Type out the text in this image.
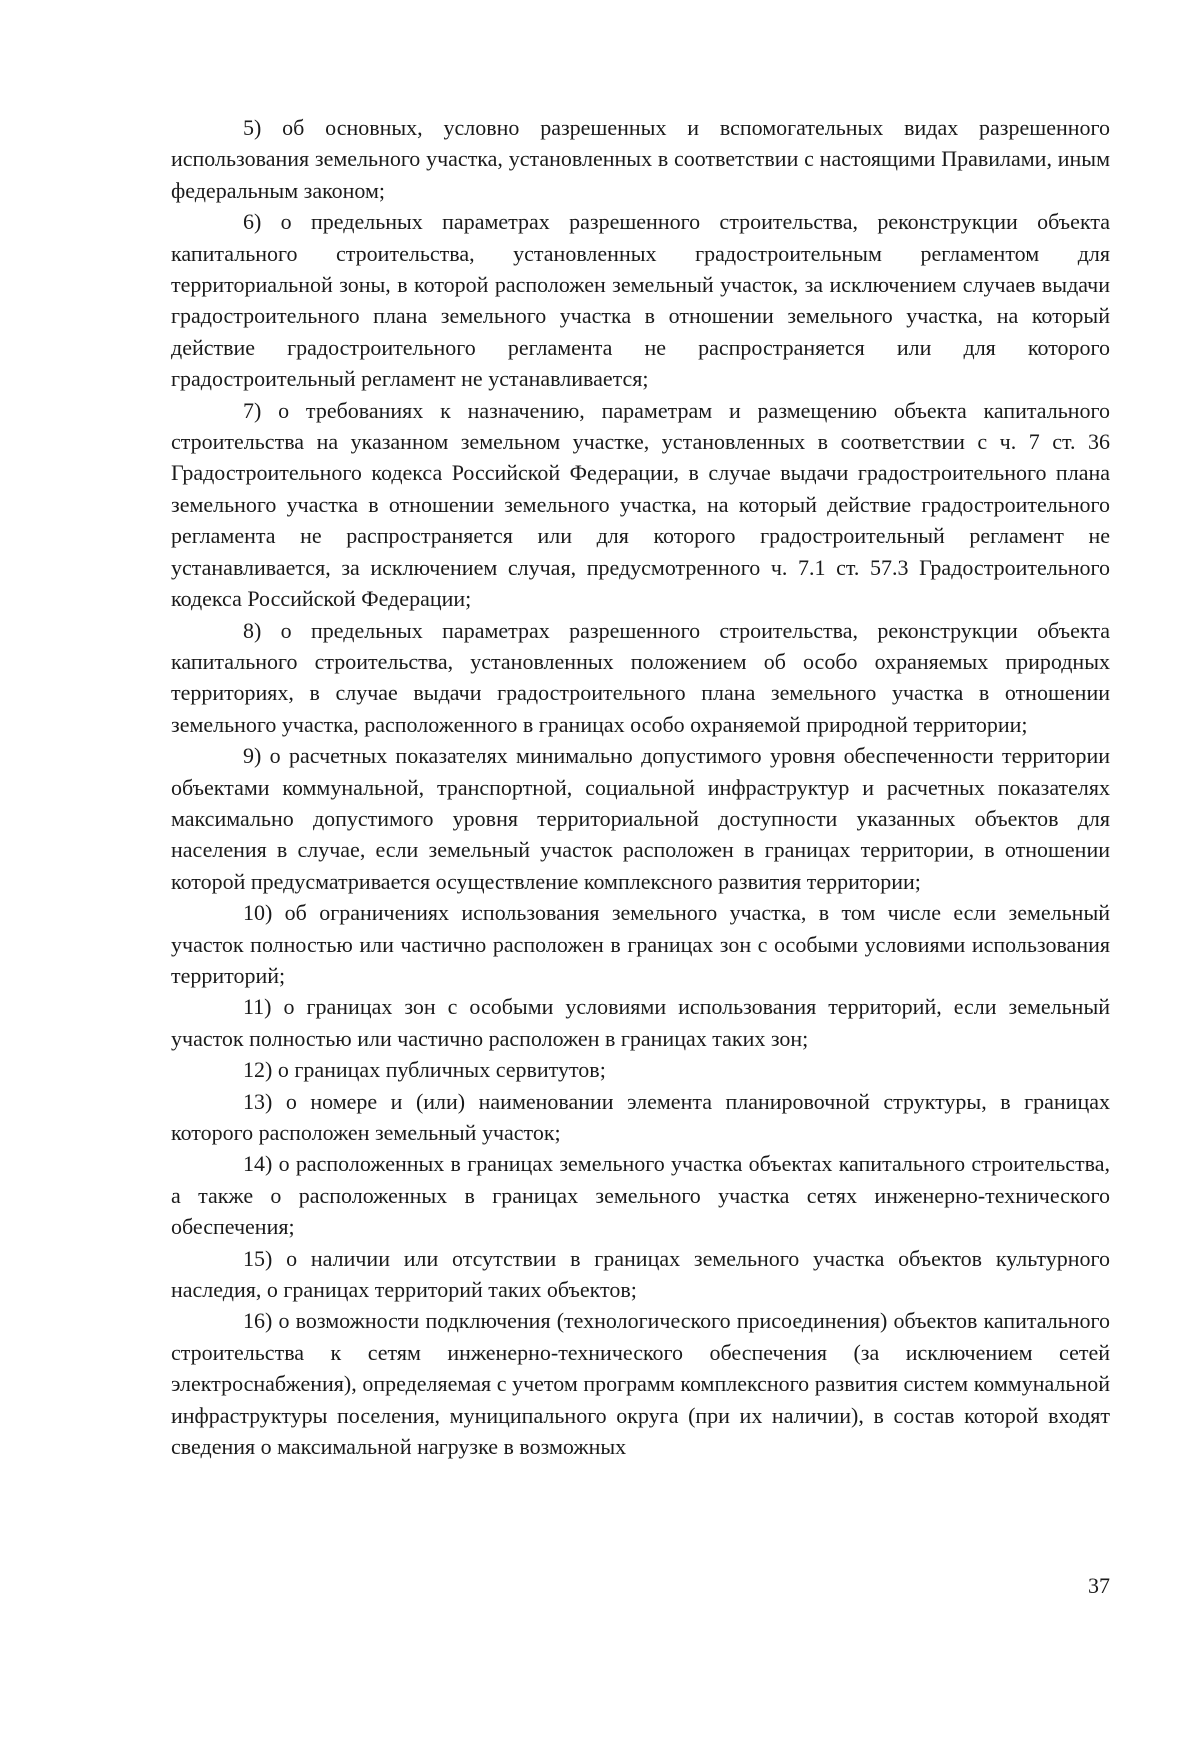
5) об основных, условно разрешенных и вспомогательных видах разрешенного использования земельного участка, установленных в соответствии с настоящими Правилами, иным федеральным законом;

6) о предельных параметрах разрешенного строительства, реконструкции объекта капитального строительства, установленных градостроительным регламентом для территориальной зоны, в которой расположен земельный участок, за исключением случаев выдачи градостроительного плана земельного участка в отношении земельного участка, на который действие градостроительного регламента не распространяется или для которого градостроительный регламент не устанавливается;

7) о требованиях к назначению, параметрам и размещению объекта капитального строительства на указанном земельном участке, установленных в соответствии с ч. 7 ст. 36 Градостроительного кодекса Российской Федерации, в случае выдачи градостроительного плана земельного участка в отношении земельного участка, на который действие градостроительного регламента не распространяется или для которого градостроительный регламент не устанавливается, за исключением случая, предусмотренного ч. 7.1 ст. 57.3 Градостроительного кодекса Российской Федерации;

8) о предельных параметрах разрешенного строительства, реконструкции объекта капитального строительства, установленных положением об особо охраняемых природных территориях, в случае выдачи градостроительного плана земельного участка в отношении земельного участка, расположенного в границах особо охраняемой природной территории;

9) о расчетных показателях минимально допустимого уровня обеспеченности территории объектами коммунальной, транспортной, социальной инфраструктур и расчетных показателях максимально допустимого уровня территориальной доступности указанных объектов для населения в случае, если земельный участок расположен в границах территории, в отношении которой предусматривается осуществление комплексного развития территории;

10) об ограничениях использования земельного участка, в том числе если земельный участок полностью или частично расположен в границах зон с особыми условиями использования территорий;

11) о границах зон с особыми условиями использования территорий, если земельный участок полностью или частично расположен в границах таких зон;

12) о границах публичных сервитутов;

13) о номере и (или) наименовании элемента планировочной структуры, в границах которого расположен земельный участок;

14) о расположенных в границах земельного участка объектах капитального строительства, а также о расположенных в границах земельного участка сетях инженерно-технического обеспечения;

15) о наличии или отсутствии в границах земельного участка объектов культурного наследия, о границах территорий таких объектов;

16) о возможности подключения (технологического присоединения) объектов капитального строительства к сетям инженерно-технического обеспечения (за исключением сетей электроснабжения), определяемая с учетом программ комплексного развития систем коммунальной инфраструктуры поселения, муниципального округа (при их наличии), в состав которой входят сведения о максимальной нагрузке в возможных

37
